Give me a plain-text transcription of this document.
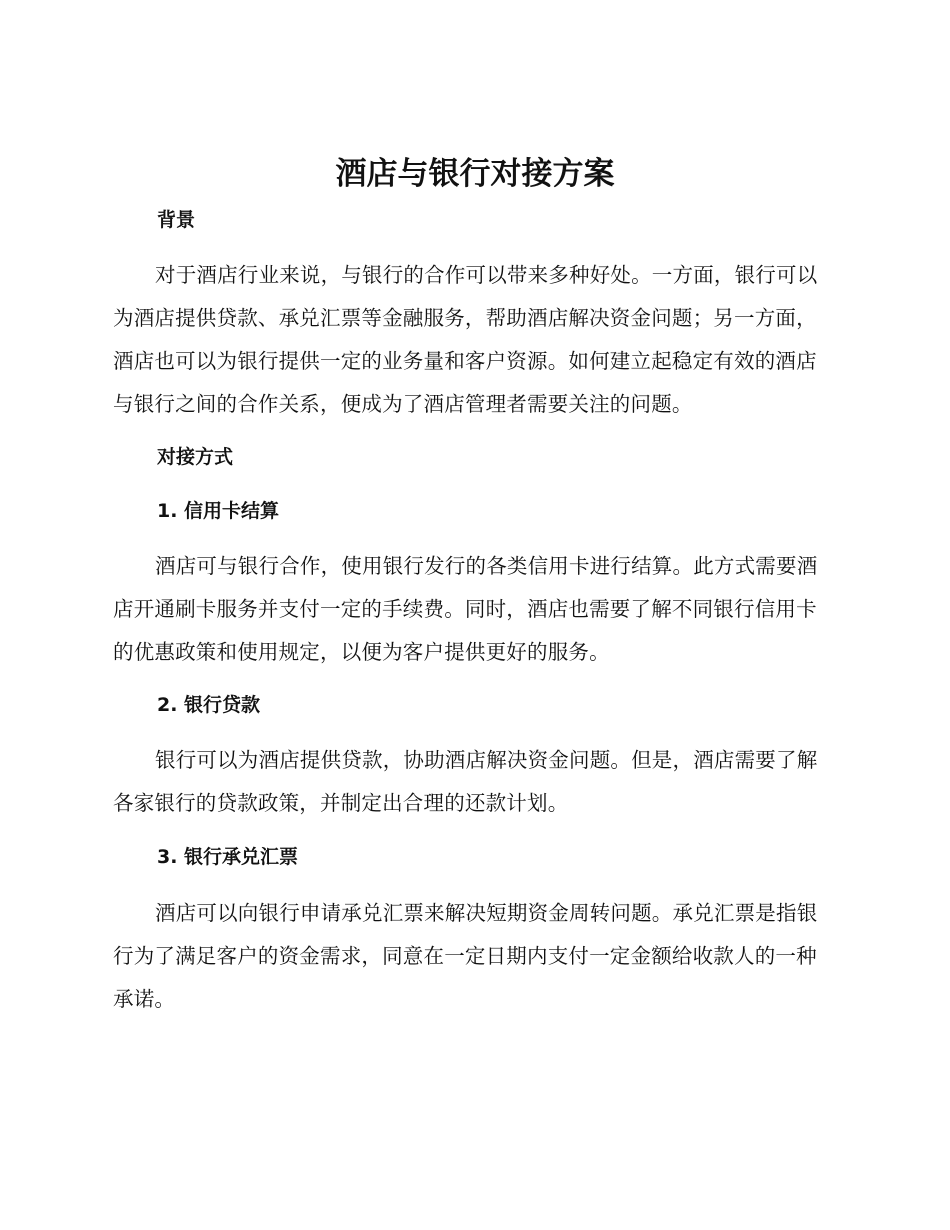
酒店与银行对接方案
背景

对于酒店行业来说，与银行的合作可以带来多种好处。一方面，银行可以为酒店提供贷款、承兑汇票等金融服务，帮助酒店解决资金问题；另一方面，酒店也可以为银行提供一定的业务量和客户资源。如何建立起稳定有效的酒店与银行之间的合作关系，便成为了酒店管理者需要关注的问题。

对接方式
1. 信用卡结算

酒店可与银行合作，使用银行发行的各类信用卡进行结算。此方式需要酒店开通刷卡服务并支付一定的手续费。同时，酒店也需要了解不同银行信用卡的优惠政策和使用规定，以便为客户提供更好的服务。

2. 银行贷款

银行可以为酒店提供贷款，协助酒店解决资金问题。但是，酒店需要了解各家银行的贷款政策，并制定出合理的还款计划。

3. 银行承兑汇票

酒店可以向银行申请承兑汇票来解决短期资金周转问题。承兑汇票是指银行为了满足客户的资金需求，同意在一定日期内支付一定金额给收款人的一种承诺。
